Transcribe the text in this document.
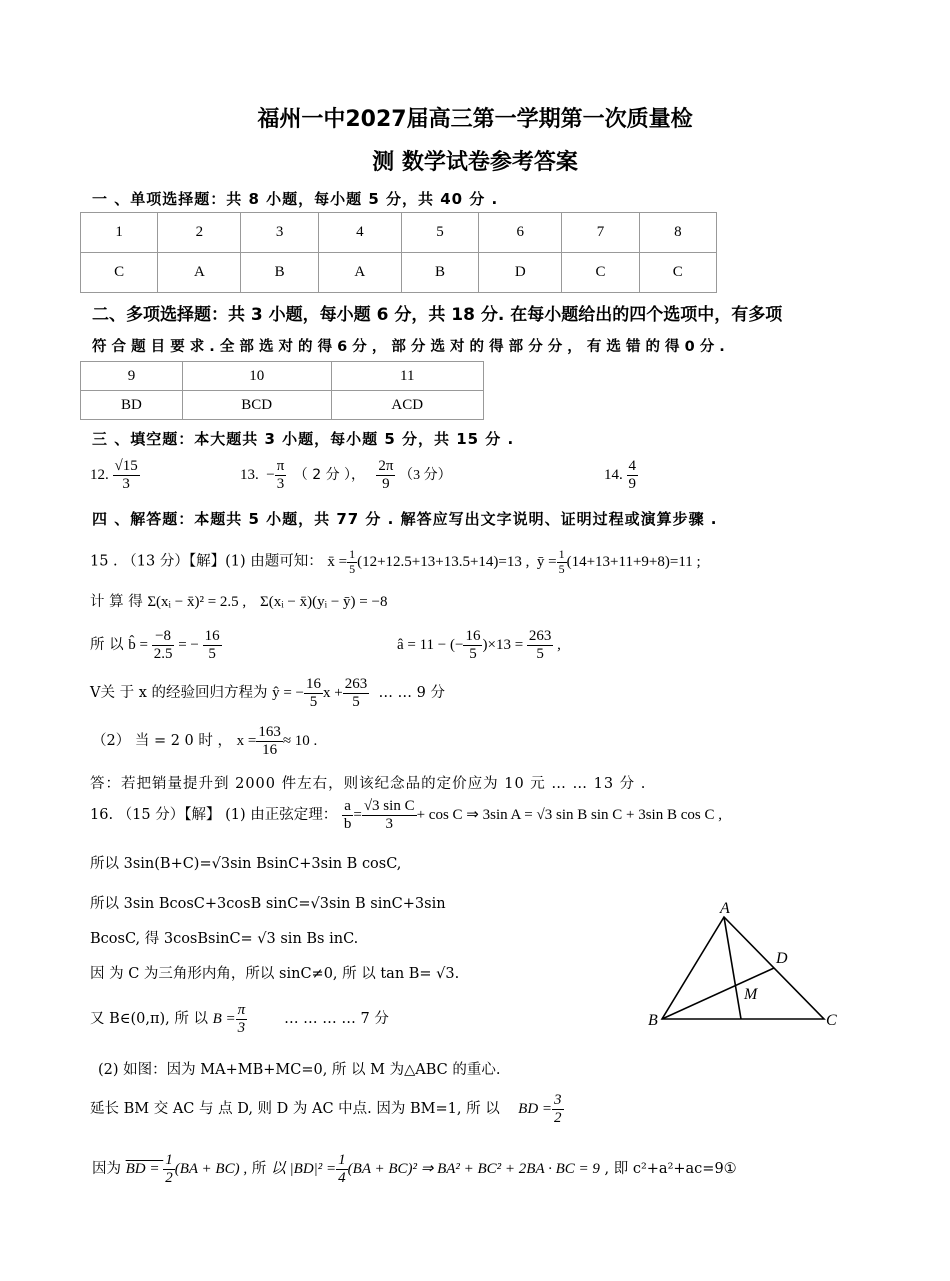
福州一中2027届高三第一学期第一次质量检
测 数学试卷参考答案
一 、单项选择题：共 8 小题，每小题 5 分，共 40 分 .
1	2	3	4	5	6	7	8
C	A	B	A	B	D	C	C
二、多项选择题：共 3 小题，每小题 6 分，共 18 分. 在每小题给出的四个选项中，有多项
符 合 题 目 要 求 . 全 部 选 对 的 得 6 分 ， 部 分 选 对 的 得 部 分 分 ， 有 选 错 的 得 0 分 .
9	10	11
BD	BCD	ACD
三 、填空题：本大题共 3 小题，每小题 5 分，共 15 分 .
12. $\frac{√15}{3}$	13. − $\frac{\pi}{3}$ （ 2 分 ）， $\frac{2\pi}{9} (3$ 分）	14. $\frac{4}{9}$
四 、解答题：本题共 5 小题，共 77 分 . 解答应写出文字说明、证明过程或演算步骤 .
15 . （13 分）【解】(1) 由题可知： x̄ = $\frac{1}{5} (12+12.5+13+13.5+14)=13$ , ȳ = $\frac{1}{5} (14+13+11+9+8)=11$ ;
计 算 得 Σ(xᵢ − x̄)² = 2.5 , Σ(xᵢ − x̄)(yᵢ − ȳ) = −8
所 以 b̂ = $\frac{-8}{2.5}$ = − $\frac{16}{5}$	â = 11 − (− $\frac{16}{5} )\times 13 = \frac{263}{5}$ ,
V关 于 x 的经验回归方程为 ŷ = − $\frac{16}{5}$ $x + \frac{263}{5}$ … … 9 分
（2） 当 = 2 0 时 ， $x = \frac{163}{16} \approx 10$ .
答：若把销量提升到 2000 件左右，则该纪念品的定价应为 10 元 … … 13 分 .
16. （15 分）【解】 (1) 由正弦定理： $\frac{a}{b} = \frac{\text{√3 sin C}}{3} + \cos C$ ⇒ 3sin A = √3 sin B sin C + 3sin B cos C ,
所以 3sin(B+C)=√3sin BsinC+3sin B cosC,
所以 3sin BcosC+3cosB sinC=√3sin B sinC+3sin
BcosC, 得 3cosBsinC= √3 sin Bs inC.
因 为 C 为三角形内角，所以 sinC≠0, 所 以 tan B= √3.
又 B∈(0,π), 所 以 $B = \frac{\pi}{3}$	… … … … 7 分
(2) 如图：因为 MA+MB+MC=0, 所 以 M 为△ABC 的重心.
延长 BM 交 AC 与 点 D, 则 D 为 AC 中点. 因为 BM=1, 所 以 BD = $\frac{3}{2}$
因为 BD = $\frac{1}{2} (BA + BC)$ , 所 以 $|BD|^2 = \frac{1}{4} (BA + BC)^2$ ⇒ BA² + BC² + 2BA · BC = 9 , 即 c²+a²+ac=9①
A
B	C
D
M
